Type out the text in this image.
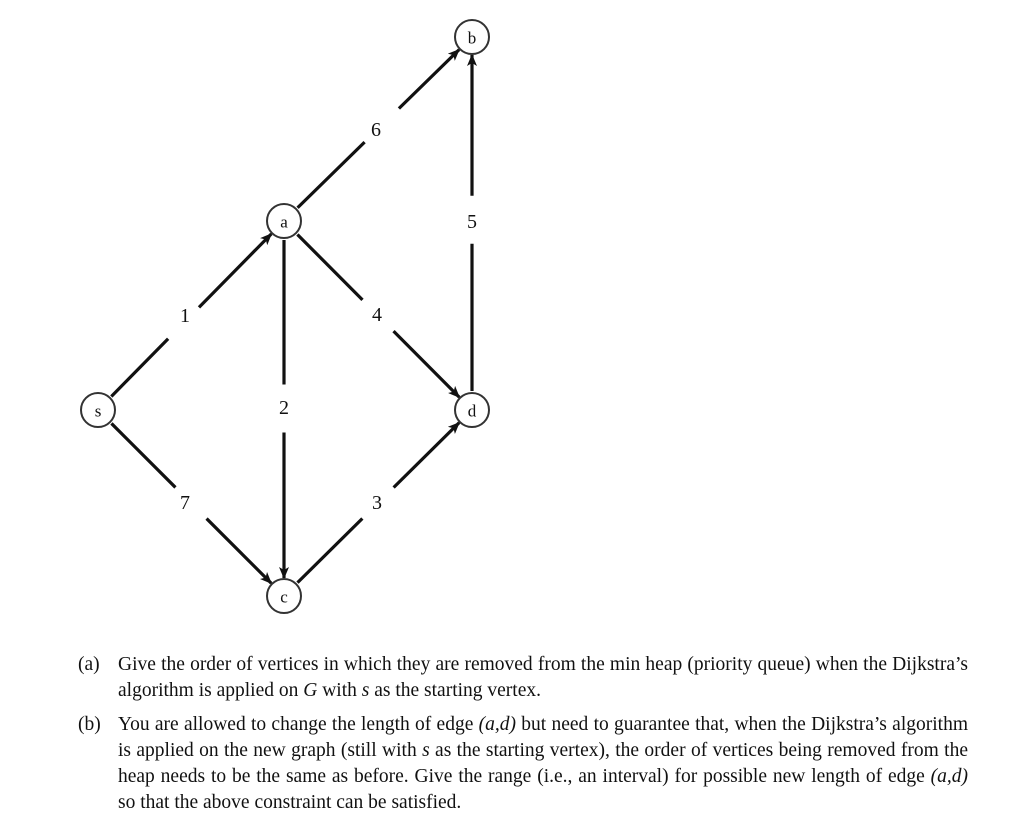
1
7
6
2
4
3
5
s
a
b
c
d
(a) Give the order of vertices in which they are removed from the min heap (priority queue) when the Dijkstra’s algorithm is applied on G with s as the starting vertex.
(b) You are allowed to change the length of edge (a,d) but need to guarantee that, when the Dijkstra’s algorithm is applied on the new graph (still with s as the starting vertex), the order of vertices being removed from the heap needs to be the same as before. Give the range (i.e., an interval) for possible new length of edge (a,d) so that the above constraint can be satisfied.
